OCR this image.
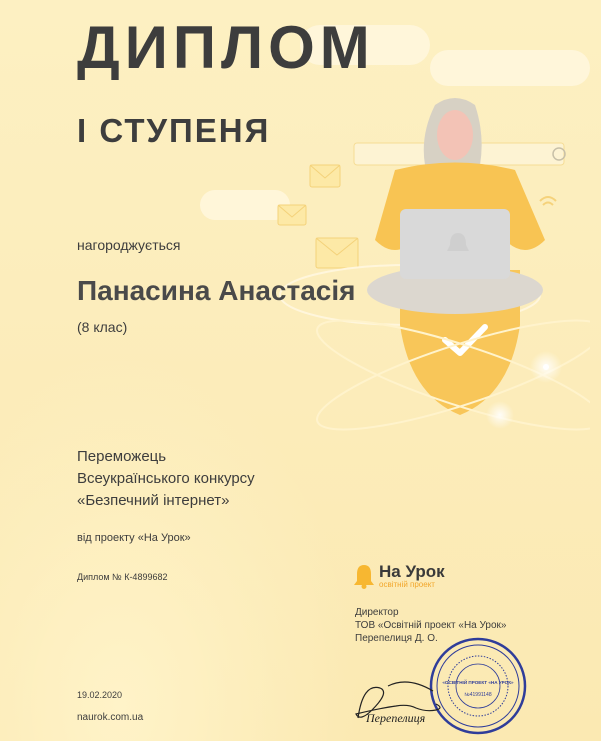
ДИПЛОМ
І СТУПЕНЯ
нагороджується
Панасина Анастасія
(8 клас)
Переможець
Всеукраїнського конкурсу
«Безпечний інтернет»
від проекту «На Урок»
Диплом № К-4899682
19.02.2020
naurok.com.ua
На Урок
освітній проект
Директор
ТОВ «Освітній проект «На Урок»
Перепелиця Д. О.
«ОСВІТНІЙ ПРОЕКТ «НА УРОК»
№41991148
Перепелиця
